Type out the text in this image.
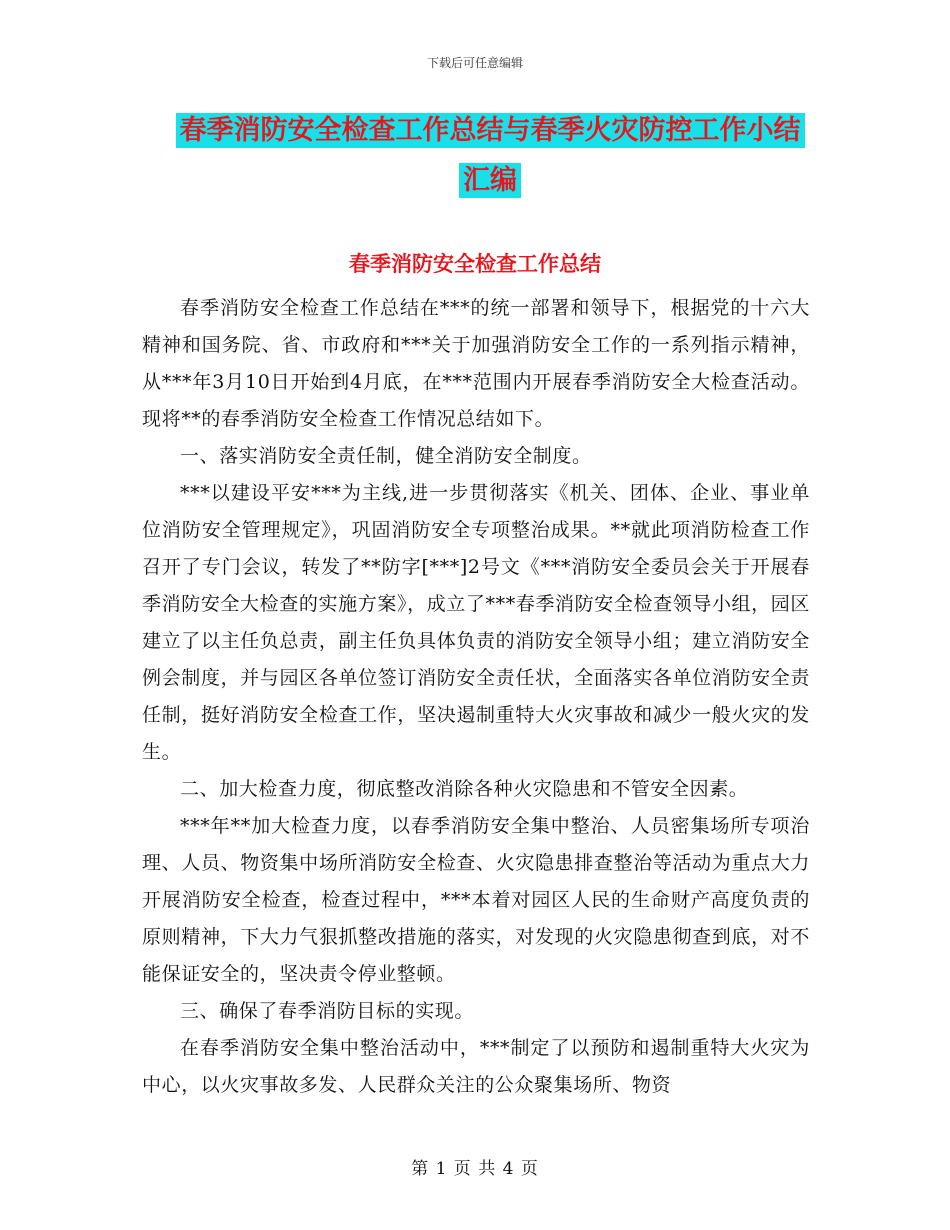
下载后可任意编辑
春季消防安全检查工作总结与春季火灾防控工作小结
汇编
春季消防安全检查工作总结

春季消防安全检查工作总结在***的统一部署和领导下，根据党的十六大精神和国务院、省、市政府和***关于加强消防安全工作的一系列指示精神，从***年3月10日开始到4月底，在***范围内开展春季消防安全大检查活动。现将**的春季消防安全检查工作情况总结如下。

一、落实消防安全责任制，健全消防安全制度。

***以建设平安***为主线,进一步贯彻落实《机关、团体、企业、事业单位消防安全管理规定》，巩固消防安全专项整治成果。**就此项消防检查工作召开了专门会议，转发了**防字[***]2号文《***消防安全委员会关于开展春季消防安全大检查的实施方案》，成立了***春季消防安全检查领导小组，园区建立了以主任负总责，副主任负具体负责的消防安全领导小组；建立消防安全例会制度，并与园区各单位签订消防安全责任状，全面落实各单位消防安全责任制，挺好消防安全检查工作，坚决遏制重特大火灾事故和减少一般火灾的发生。

二、加大检查力度，彻底整改消除各种火灾隐患和不管安全因素。

***年**加大检查力度，以春季消防安全集中整治、人员密集场所专项治理、人员、物资集中场所消防安全检查、火灾隐患排查整治等活动为重点大力开展消防安全检查，检查过程中，***本着对园区人民的生命财产高度负责的原则精神，下大力气狠抓整改措施的落实，对发现的火灾隐患彻查到底，对不能保证安全的，坚决责令停业整顿。

三、确保了春季消防目标的实现。

在春季消防安全集中整治活动中，***制定了以预防和遏制重特大火灾为中心，以火灾事故多发、人民群众关注的公众聚集场所、物资

第 1 页 共 4 页
